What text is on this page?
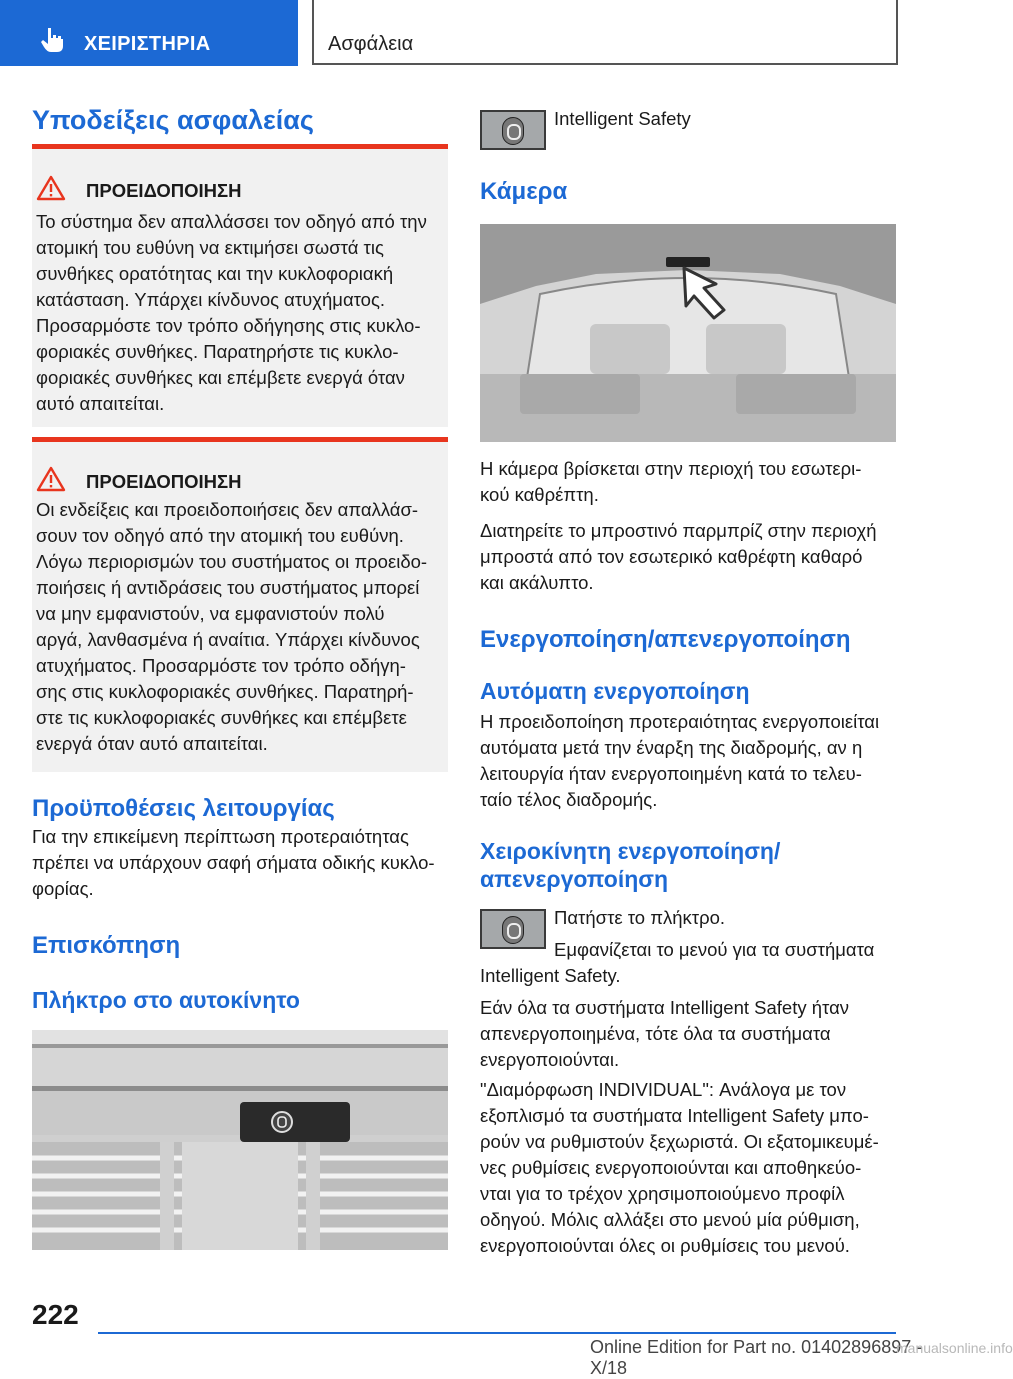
ΧΕΙΡΙΣΤΗΡΙΑ	Ασφάλεια
Υποδείξεις ασφαλείας
ΠΡΟΕΙΔΟΠΟΙΗΣΗ

Το σύστημα δεν απαλλάσσει τον οδηγό από την

ατομική του ευθύνη να εκτιμήσει σωστά τις

συνθήκες ορατότητας και την κυκλοφοριακή

κατάσταση. Υπάρχει κίνδυνος ατυχήματος.

Προσαρμόστε τον τρόπο οδήγησης στις κυκλο-

φοριακές συνθήκες. Παρατηρήστε τις κυκλο-

φοριακές συνθήκες και επέμβετε ενεργά όταν

αυτό απαιτείται.

ΠΡΟΕΙΔΟΠΟΙΗΣΗ

Οι ενδείξεις και προειδοποιήσεις δεν απαλλάσ-

σουν τον οδηγό από την ατομική του ευθύνη.

Λόγω περιορισμών του συστήματος οι προειδο-

ποιήσεις ή αντιδράσεις του συστήματος μπορεί

να μην εμφανιστούν, να εμφανιστούν πολύ

αργά, λανθασμένα ή αναίτια. Υπάρχει κίνδυνος

ατυχήματος. Προσαρμόστε τον τρόπο οδήγη-

σης στις κυκλοφοριακές συνθήκες. Παρατηρή-

στε τις κυκλοφοριακές συνθήκες και επέμβετε

ενεργά όταν αυτό απαιτείται.

Προϋποθέσεις λειτουργίας

Για την επικείμενη περίπτωση προτεραιότητας

πρέπει να υπάρχουν σαφή σήματα οδικής κυκλο-

φορίας.

Επισκόπηση
Πλήκτρο στο αυτοκίνητο

Intelligent Safety

Κάμερα

Η κάμερα βρίσκεται στην περιοχή του εσωτερι-

κού καθρέπτη.

Διατηρείτε το μπροστινό παρμπρίζ στην περιοχή

μπροστά από τον εσωτερικό καθρέφτη καθαρό

και ακάλυπτο.

Ενεργοποίηση/απενεργοποίηση
Αυτόματη ενεργοποίηση

Η προειδοποίηση προτεραιότητας ενεργοποιείται

αυτόματα μετά την έναρξη της διαδρομής, αν η

λειτουργία ήταν ενεργοποιημένη κατά το τελευ-

ταίο τέλος διαδρομής.

Χειροκίνητη ενεργοποίηση/
απενεργοποίηση

Πατήστε το πλήκτρο.

Εμφανίζεται το μενού για τα συστήματα

Intelligent Safety.

Εάν όλα τα συστήματα Intelligent Safety ήταν

απενεργοποιημένα, τότε όλα τα συστήματα

ενεργοποιούνται.

"Διαμόρφωση INDIVIDUAL": Ανάλογα με τον

εξοπλισμό τα συστήματα Intelligent Safety μπο-

ρούν να ρυθμιστούν ξεχωριστά. Οι εξατομικευμέ-

νες ρυθμίσεις ενεργοποιούνται και αποθηκεύο-

νται για το τρέχον χρησιμοποιούμενο προφίλ

οδηγού. Μόλις αλλάξει στο μενού μία ρύθμιση,

ενεργοποιούνται όλες οι ρυθμίσεις του μενού.

222
Online Edition for Part no. 01402896897 - X/18
manualsonline.info
